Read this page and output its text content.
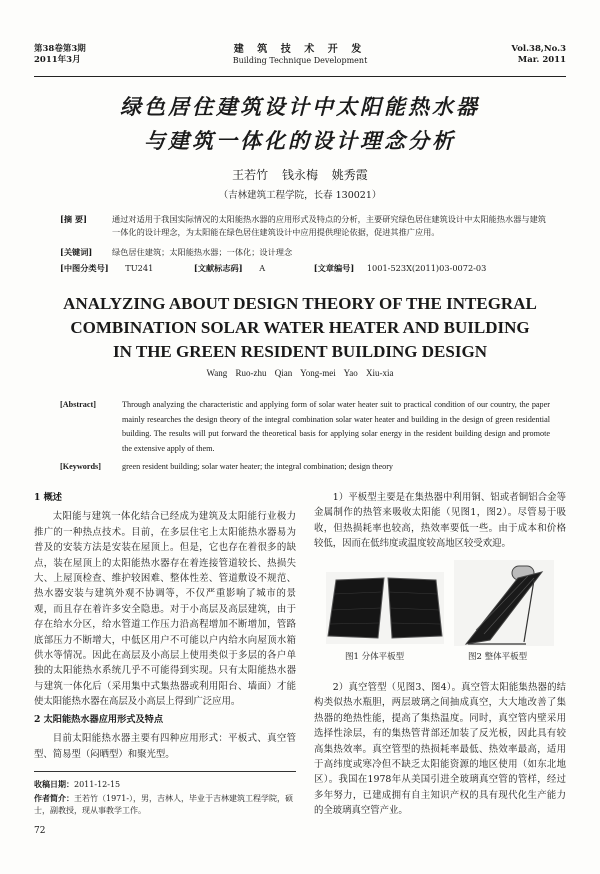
第38卷第3期
2011年3月
建 筑 技 术 开 发
Building Technique Development
Vol.38,No.3
Mar. 2011
绿色居住建筑设计中太阳能热水器
与建筑一体化的设计理念分析
王若竹 钱永梅 姚秀霞
（吉林建筑工程学院，长春 130021）
[摘 要]	通过对适用于我国实际情况的太阳能热水器的应用形式及特点的分析，主要研究绿色居住建筑设计中太阳能热水器与建筑一体化的设计理念，为太阳能在绿色居住建筑设计中应用提供理论依据，促进其推广应用。
[关键词] 绿色居住建筑；太阳能热水器；一体化；设计理念
[中图分类号] TU241	[文献标志码] A	[文章编号] 1001-523X(2011)03-0072-03
ANALYZING ABOUT DESIGN THEORY OF THE INTEGRAL
COMBINATION SOLAR WATER HEATER AND BUILDING
IN THE GREEN RESIDENT BUILDING DESIGN
Wang Ruo-zhu Qian Yong-mei Yao Xiu-xia
[Abstract]	Through analyzing the characteristic and applying form of solar water heater suit to practical condition of our country, the paper mainly researches the design theory of the integral combination solar water heater and building in the design of green residential building. The results will put forward the theoretical basis for applying solar energy in the resident building design and promote the extensive apply of them.
[Keywords]	green resident building; solar water heater; the integral combination; design theory
1 概述

太阳能与建筑一体化结合已经成为建筑及太阳能行业极力推广的一种热点技术。目前，在多层住宅上太阳能热水器易为普及的安装方法是安装在屋顶上。但是，它也存在着很多的缺点，装在屋顶上的太阳能热水器存在着连接管道较长、热损失大、上屋顶检查、维护较困难、整体性差、管道敷设不规范、热水器安装与建筑外观不协调等，不仅严重影响了城市的景观，而且存在着许多安全隐患。对于小高层及高层建筑，由于存在给水分区，给水管道工作压力沿高程增加不断增加，管路底部压力不断增大，中低区用户不可能以户内给水向屋顶水箱供水等情况。因此在高层及小高层上使用类似于多层的各户单独的太阳能热水系统几乎不可能得到实现。只有太阳能热水器与建筑一体化后（采用集中式集热器或利用阳台、墙面）才能使太阳能热水器在高层及小高层上得到广泛应用。

2 太阳能热水器应用形式及特点

目前太阳能热水器主要有四种应用形式：平板式、真空管型、简易型（闷晒型）和聚光型。

收稿日期：2011-12-15
作者简介：王若竹（1971-），男，吉林人，毕业于吉林建筑工程学院，硕士，副教授，现从事教学工作。
72

1）平板型主要是在集热器中利用铜、铝或者铜铝合金等金属制作的热管来吸收太阳能（见图1，图2）。尽管易于吸收，但热损耗率也较高，热效率要低一些。由于成本和价格较低，因而在低纬度或温度较高地区较受欢迎。

图1 分体平板型	图2 整体平板型

2）真空管型（见图3、图4）。真空管太阳能集热器的结构类似热水瓶胆，两层玻璃之间抽成真空，大大地改善了集热器的绝热性能，提高了集热温度。同时，真空管内壁采用选择性涂层，有的集热管背部还加装了反光板，因此具有较高集热效率。真空管型的热损耗率最低、热效率最高，适用于高纬度或寒冷但不缺乏太阳能资源的地区使用（如东北地区）。我国在1978年从美国引进全玻璃真空管的管样，经过多年努力，已建成拥有自主知识产权的具有现代化生产能力的全玻璃真空管产业。
